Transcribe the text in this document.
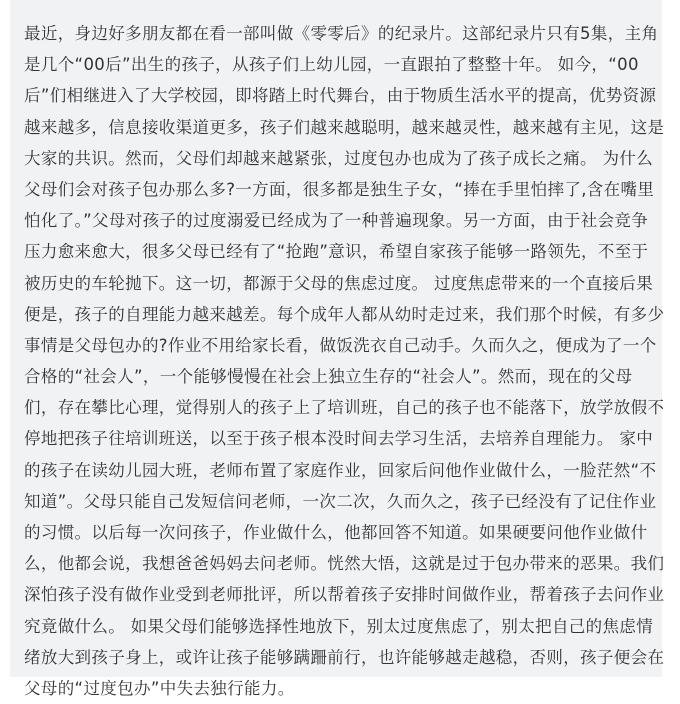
最近，身边好多朋友都在看一部叫做《零零后》的纪录片。这部纪录片只有5集，主角
是几个“00后”出生的孩子，从孩子们上幼儿园，一直跟拍了整整十年。 如今，“00
后”们相继进入了大学校园，即将踏上时代舞台，由于物质生活水平的提高，优势资源
越来越多，信息接收渠道更多，孩子们越来越聪明，越来越灵性，越来越有主见，这是
大家的共识。然而，父母们却越来越紧张，过度包办也成为了孩子成长之痛。 为什么
父母们会对孩子包办那么多?一方面，很多都是独生子女，“捧在手里怕摔了,含在嘴里
怕化了。”父母对孩子的过度溺爱已经成为了一种普遍现象。另一方面，由于社会竞争
压力愈来愈大，很多父母已经有了“抢跑”意识，希望自家孩子能够一路领先，不至于
被历史的车轮抛下。这一切，都源于父母的焦虑过度。 过度焦虑带来的一个直接后果
便是，孩子的自理能力越来越差。每个成年人都从幼时走过来，我们那个时候，有多少
事情是父母包办的?作业不用给家长看，做饭洗衣自己动手。久而久之，便成为了一个
合格的“社会人”，一个能够慢慢在社会上独立生存的“社会人”。然而，现在的父母
们，存在攀比心理，觉得别人的孩子上了培训班，自己的孩子也不能落下，放学放假不
停地把孩子往培训班送，以至于孩子根本没时间去学习生活，去培养自理能力。 家中
的孩子在读幼儿园大班，老师布置了家庭作业，回家后问他作业做什么，一脸茫然“不
知道”。父母只能自己发短信问老师，一次二次，久而久之，孩子已经没有了记住作业
的习惯。以后每一次问孩子，作业做什么，他都回答不知道。如果硬要问他作业做什
么，他都会说，我想爸爸妈妈去问老师。恍然大悟，这就是过于包办带来的恶果。我们
深怕孩子没有做作业受到老师批评，所以帮着孩子安排时间做作业，帮着孩子去问作业
究竟做什么。 如果父母们能够选择性地放下，别太过度焦虑了，别太把自己的焦虑情
绪放大到孩子身上，或许让孩子能够蹒跚前行，也许能够越走越稳，否则，孩子便会在
父母的“过度包办”中失去独行能力。
